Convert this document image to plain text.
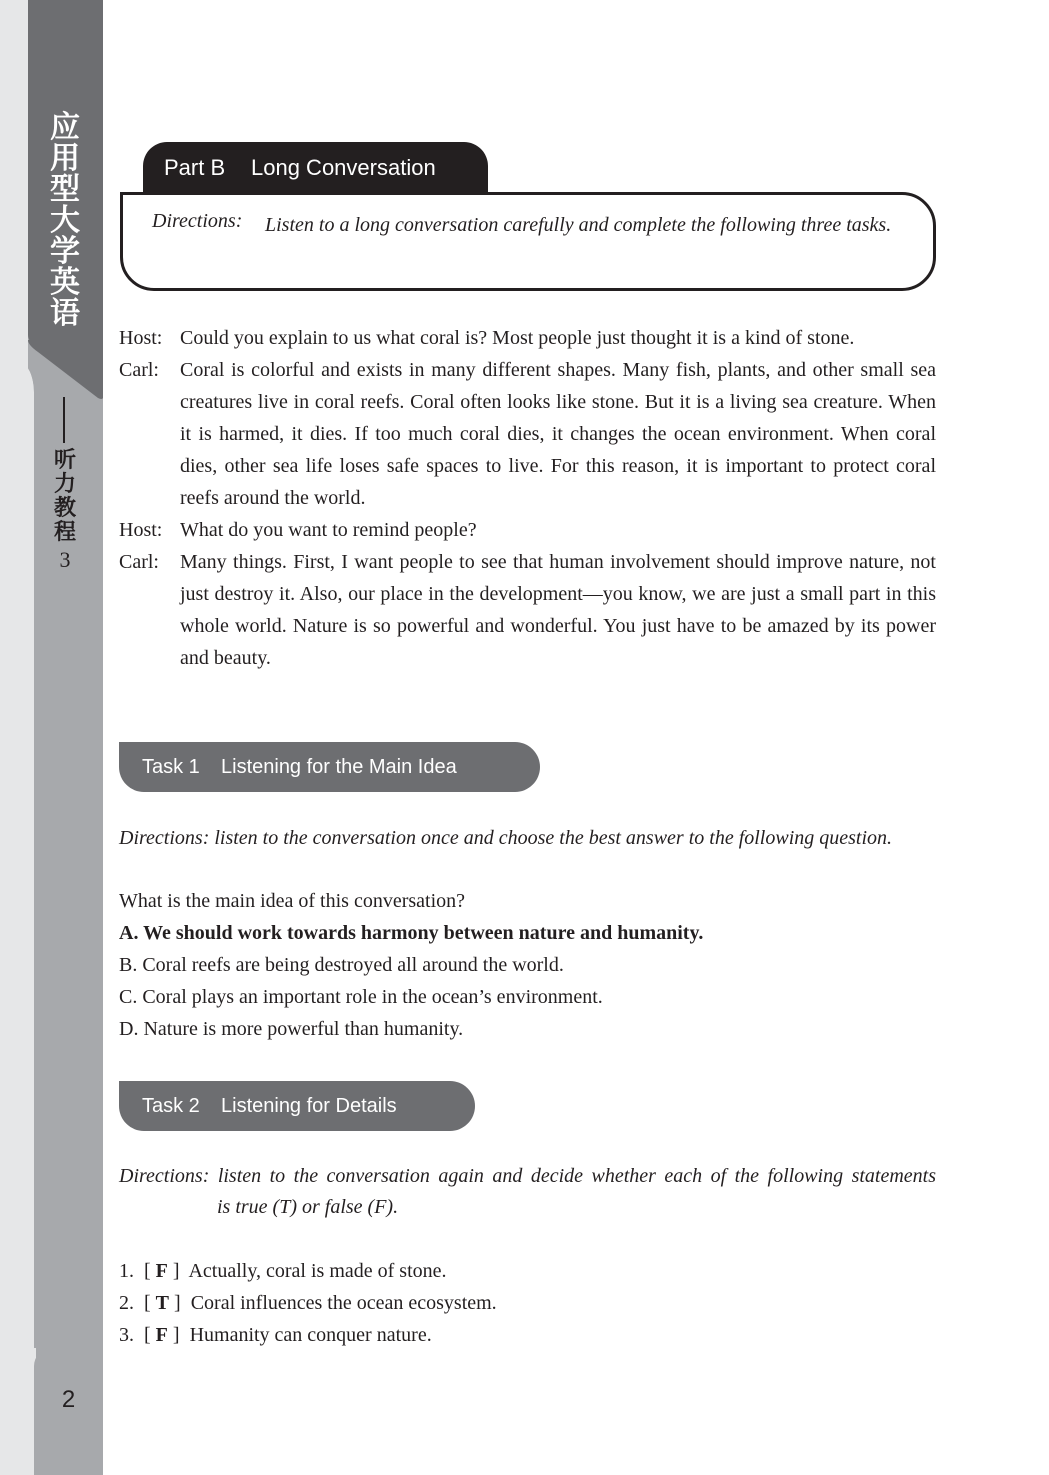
应
用
型
大
学
英
语
听
力
教
程
3
2
Part B Long Conversation
Directions: Listen to a long conversation carefully and complete the following three tasks.
Host: Could you explain to us what coral is? Most people just thought it is a kind of stone.
Carl: Coral is colorful and exists in many different shapes. Many fish, plants, and other small sea creatures live in coral reefs. Coral often looks like stone. But it is a living sea creature. When it is harmed, it dies. If too much coral dies, it changes the ocean environment. When coral dies, other sea life loses safe spaces to live. For this reason, it is important to protect coral reefs around the world.
Host: What do you want to remind people?
Carl: Many things. First, I want people to see that human involvement should improve nature, not just destroy it. Also, our place in the development—you know, we are just a small part in this whole world. Nature is so powerful and wonderful. You just have to be amazed by its power and beauty.
Task 1 Listening for the Main Idea
Directions: listen to the conversation once and choose the best answer to the following question.
What is the main idea of this conversation?
A. We should work towards harmony between nature and humanity.
B. Coral reefs are being destroyed all around the world.
C. Coral plays an important role in the ocean’s environment.
D. Nature is more powerful than humanity.
Task 2 Listening for Details
Directions: listen to the conversation again and decide whether each of the following statements
is true (T) or false (F).
1.  [ F ]  Actually, coral is made of stone.
2.  [ T ]  Coral influences the ocean ecosystem.
3.  [ F ]  Humanity can conquer nature.
